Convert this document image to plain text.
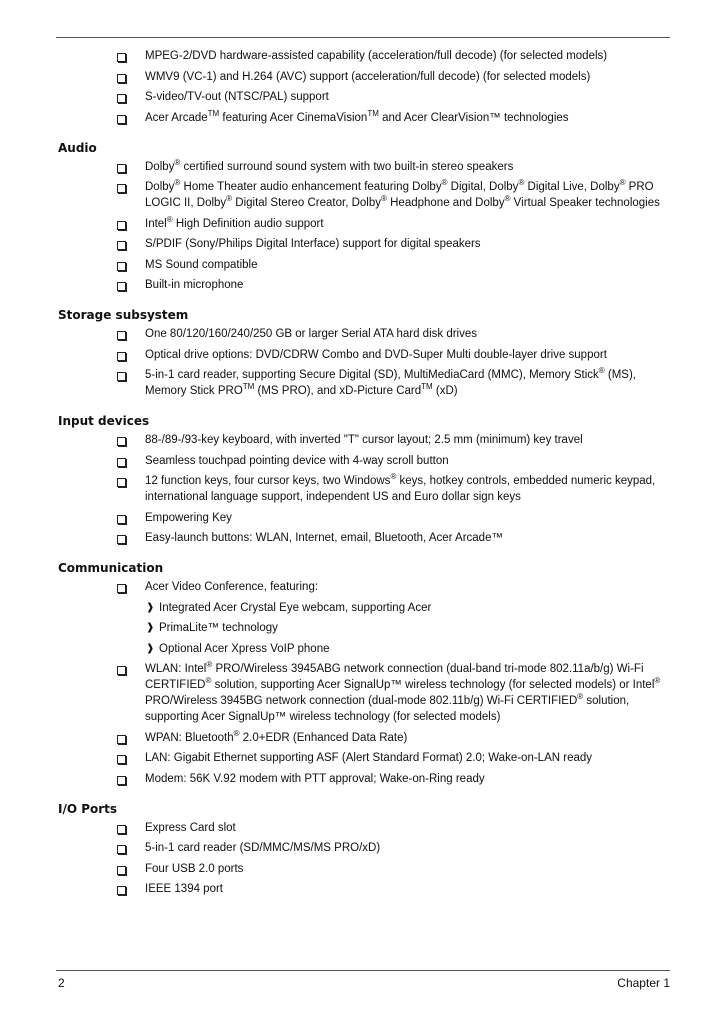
MPEG-2/DVD hardware-assisted capability (acceleration/full decode) (for selected models)
WMV9 (VC-1) and H.264 (AVC) support (acceleration/full decode) (for selected models)
S-video/TV-out (NTSC/PAL) support
Acer Arcade™ featuring Acer CinemaVision™ and Acer ClearVision™ technologies
Audio
Dolby® certified surround sound system with two built-in stereo speakers
Dolby® Home Theater audio enhancement featuring Dolby® Digital, Dolby® Digital Live, Dolby® PRO LOGIC II, Dolby® Digital Stereo Creator, Dolby® Headphone and Dolby® Virtual Speaker technologies
Intel® High Definition audio support
S/PDIF (Sony/Philips Digital Interface) support for digital speakers
MS Sound compatible
Built-in microphone
Storage subsystem
One 80/120/160/240/250 GB or larger Serial ATA hard disk drives
Optical drive options: DVD/CDRW Combo and DVD-Super Multi double-layer drive support
5-in-1 card reader, supporting Secure Digital (SD), MultiMediaCard (MMC), Memory Stick® (MS), Memory Stick PRO™ (MS PRO), and xD-Picture Card™ (xD)
Input devices
88-/89-/93-key keyboard, with inverted "T" cursor layout; 2.5 mm (minimum) key travel
Seamless touchpad pointing device with 4-way scroll button
12 function keys, four cursor keys, two Windows® keys, hotkey controls, embedded numeric keypad, international language support, independent US and Euro dollar sign keys
Empowering Key
Easy-launch buttons: WLAN, Internet, email, Bluetooth, Acer Arcade™
Communication
Acer Video Conference, featuring:
❱ Integrated Acer Crystal Eye webcam, supporting Acer
❱ PrimaLite™ technology
❱ Optional Acer Xpress VoIP phone
WLAN: Intel® PRO/Wireless 3945ABG network connection (dual-band tri-mode 802.11a/b/g) Wi-Fi CERTIFIED® solution, supporting Acer SignalUp™ wireless technology (for selected models) or Intel® PRO/Wireless 3945BG network connection (dual-mode 802.11b/g) Wi-Fi CERTIFIED® solution, supporting Acer SignalUp™ wireless technology (for selected models)
WPAN: Bluetooth® 2.0+EDR (Enhanced Data Rate)
LAN: Gigabit Ethernet supporting ASF (Alert Standard Format) 2.0; Wake-on-LAN ready
Modem: 56K V.92 modem with PTT approval; Wake-on-Ring ready
I/O Ports
Express Card slot
5-in-1 card reader (SD/MMC/MS/MS PRO/xD)
Four USB 2.0 ports
IEEE 1394 port
2	Chapter 1
